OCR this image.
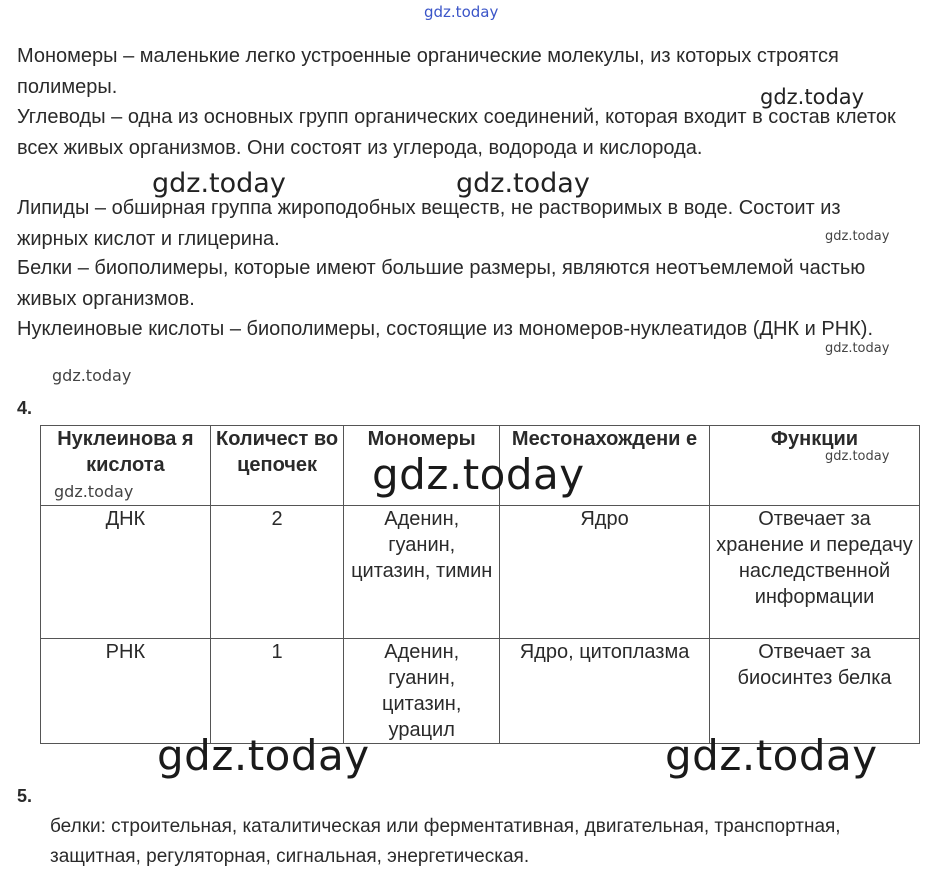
gdz.today
gdz.today
gdz.today	gdz.today
gdz.today
gdz.today
gdz.today

Мономеры – маленькие легко устроенные органические молекулы, из которых строятся полимеры.

Углеводы – одна из основных групп органических соединений, которая входит в состав клеток всех живых организмов. Они состоят из углерода, водорода и кислорода.

Липиды – обширная группа жироподобных веществ, не растворимых в воде. Состоит из жирных кислот и глицерина.

Белки – биополимеры, которые имеют большие размеры, являются неотъемлемой частью живых организмов.

Нуклеиновые кислоты – биополимеры, состоящие из мономеров-нуклеатидов (ДНК и РНК).

4.
Нуклеинова я кислота	Количест во цепочек	Мономеры	Местонахождени е	Функции
ДНК	2	Аденин, гуанин, цитазин, тимин	Ядро	Отвечает за хранение и передачу наследственной информации
РНК	1	Аденин, гуанин, цитазин, урацил	Ядро, цитоплазма	Отвечает за биосинтез белка
gdz.today
gdz.today
gdz.today
gdz.today	gdz.today
5.

белки: строительная, каталитическая или ферментативная, двигательная, транспортная, защитная, регуляторная, сигнальная, энергетическая.
